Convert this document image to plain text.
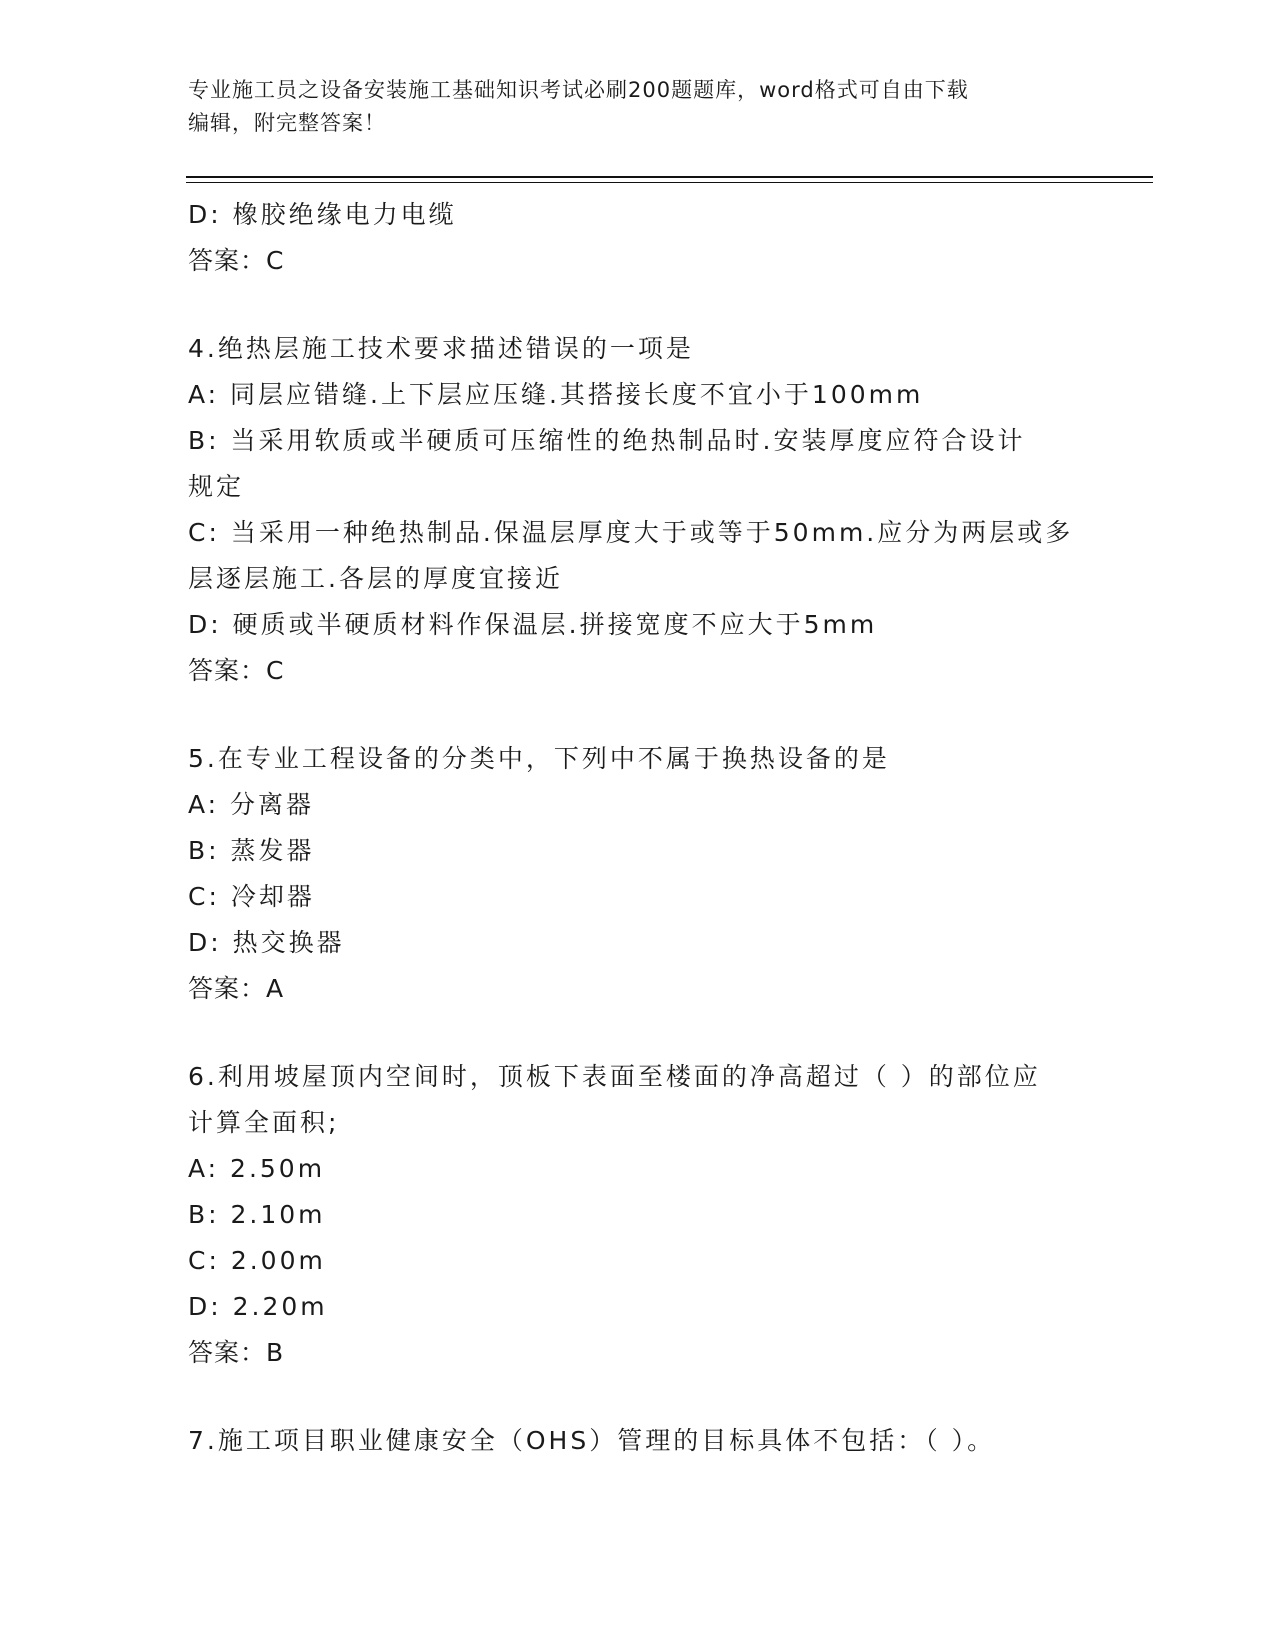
专业施工员之设备安装施工基础知识考试必刷200题题库，word格式可自由下载
编辑，附完整答案！
D: 橡胶绝缘电力电缆
答案：C
4.绝热层施工技术要求描述错误的一项是
A: 同层应错缝.上下层应压缝.其搭接长度不宜小于100mm
B: 当采用软质或半硬质可压缩性的绝热制品时.安装厚度应符合设计
规定
C: 当采用一种绝热制品.保温层厚度大于或等于50mm.应分为两层或多
层逐层施工.各层的厚度宜接近
D: 硬质或半硬质材料作保温层.拼接宽度不应大于5mm
答案：C
5.在专业工程设备的分类中，下列中不属于换热设备的是
A: 分离器
B: 蒸发器
C: 冷却器
D: 热交换器
答案：A
6.利用坡屋顶内空间时，顶板下表面至楼面的净高超过（ ）的部位应
计算全面积;
A: 2.50m
B: 2.10m
C: 2.00m
D: 2.20m
答案：B
7.施工项目职业健康安全（OHS）管理的目标具体不包括：（ ）。
